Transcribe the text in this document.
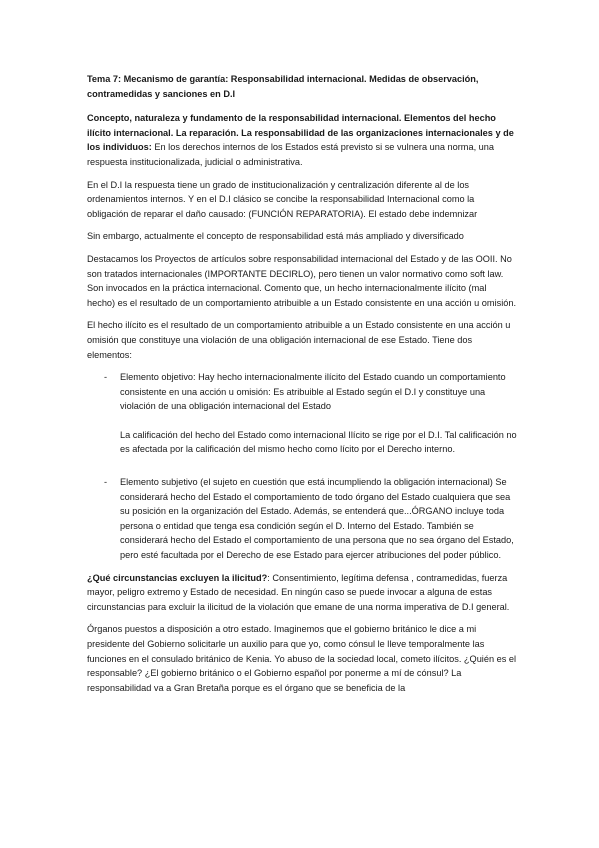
Tema 7: Mecanismo de garantía: Responsabilidad internacional. Medidas de observación, contramedidas y sanciones en D.I

Concepto, naturaleza y fundamento de la responsabilidad internacional. Elementos del hecho ilícito internacional. La reparación. La responsabilidad de las organizaciones internacionales y de los individuos: En los derechos internos de los Estados está previsto si se vulnera una norma, una respuesta institucionalizada, judicial o administrativa.

En el D.I la respuesta tiene un grado de institucionalización y centralización diferente al de los ordenamientos internos. Y en el D.I clásico se concibe la responsabilidad Internacional como la obligación de reparar el daño causado: (FUNCIÓN REPARATORIA). El estado debe indemnizar

Sin embargo, actualmente el concepto de responsabilidad está más ampliado y diversificado

Destacamos los Proyectos de artículos sobre responsabilidad internacional del Estado y de las OOII. No son tratados internacionales (IMPORTANTE DECIRLO), pero tienen un valor normativo como soft law. Son invocados en la práctica internacional. Comento que, un hecho internacionalmente ilícito (mal hecho) es el resultado de un comportamiento atribuible a un Estado consistente en una acción u omisión.

El hecho ilícito es el resultado de un comportamiento atribuible a un Estado consistente en una acción u omisión que constituye una violación de una obligación internacional de ese Estado. Tiene dos elementos:

- Elemento objetivo: Hay hecho internacionalmente ilícito del Estado cuando un comportamiento consistente en una acción u omisión: Es atribuible al Estado según el D.I y constituye una violación de una obligación internacional del Estado
La calificación del hecho del Estado como internacional Ilícito se rige por el D.I. Tal calificación no es afectada por la calificación del mismo hecho como lícito por el Derecho interno.
- Elemento subjetivo (el sujeto en cuestión que está incumpliendo la obligación internacional) Se considerará hecho del Estado el comportamiento de todo órgano del Estado cualquiera que sea su posición en la organización del Estado. Además, se entenderá que...ÓRGANO incluye toda persona o entidad que tenga esa condición según el D. Interno del Estado. También se considerará hecho del Estado el comportamiento de una persona que no sea órgano del Estado, pero esté facultada por el Derecho de ese Estado para ejercer atribuciones del poder público.

¿Qué circunstancias excluyen la ilicitud?: Consentimiento, legítima defensa , contramedidas, fuerza mayor, peligro extremo y Estado de necesidad. En ningún caso se puede invocar a alguna de estas circunstancias para excluir la ilicitud de la violación que emane de una norma imperativa de D.I general.

Órganos puestos a disposición a otro estado. Imaginemos que el gobierno británico le dice a mi presidente del Gobierno solicitarle un auxilio para que yo, como cónsul le lleve temporalmente las funciones en el consulado británico de Kenia. Yo abuso de la sociedad local, cometo ilícitos. ¿Quién es el responsable? ¿El gobierno británico o el Gobierno español por ponerme a mí de cónsul? La responsabilidad va a Gran Bretaña porque es el órgano que se beneficia de la
